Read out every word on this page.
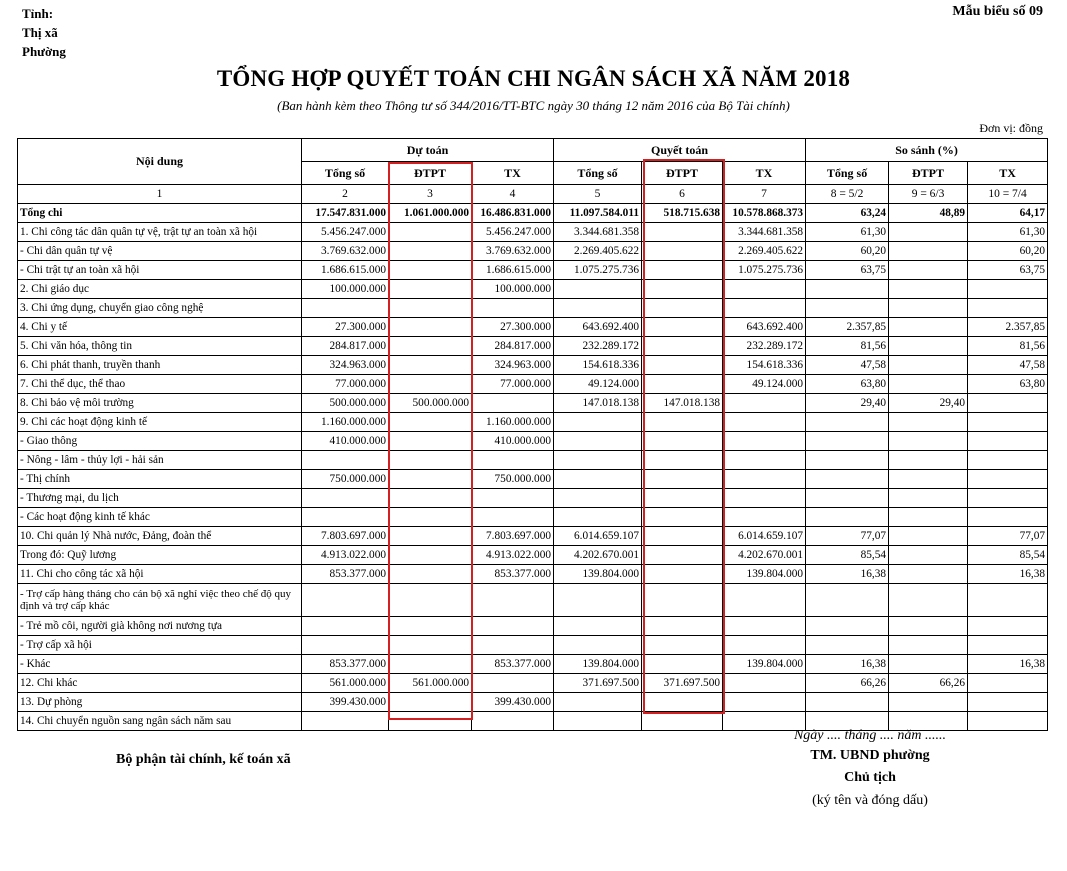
Tỉnh:
Thị xã
Phường
Mẫu biểu số 09
TỔNG HỢP QUYẾT TOÁN CHI NGÂN SÁCH XÃ NĂM 2018
(Ban hành kèm theo Thông tư số 344/2016/TT-BTC ngày 30 tháng 12 năm 2016 của Bộ Tài chính)
Đơn vị: đồng
Nội dung	Dự toán			Quyết toán			So sánh (%)		
	Tổng số	ĐTPT	TX	Tổng số	ĐTPT	TX	Tổng số	ĐTPT	TX
1	2	3	4	5	6	7	8 = 5/2	9 = 6/3	10 = 7/4
Tổng chi	17.547.831.000	1.061.000.000	16.486.831.000	11.097.584.011	518.715.638	10.578.868.373	63,24	48,89	64,17
1. Chi công tác dân quân tự vệ, trật tự an toàn xã hội	5.456.247.000		5.456.247.000	3.344.681.358		3.344.681.358	61,30		61,30
- Chi dân quân tự vệ	3.769.632.000		3.769.632.000	2.269.405.622		2.269.405.622	60,20		60,20
- Chi trật tự an toàn xã hội	1.686.615.000		1.686.615.000	1.075.275.736		1.075.275.736	63,75		63,75
2. Chi giáo dục	100.000.000		100.000.000						
3. Chi ứng dụng, chuyển giao công nghệ									
4. Chi y tế	27.300.000		27.300.000	643.692.400		643.692.400	2.357,85		2.357,85
5. Chi văn hóa, thông tin	284.817.000		284.817.000	232.289.172		232.289.172	81,56		81,56
6. Chi phát thanh, truyền thanh	324.963.000		324.963.000	154.618.336		154.618.336	47,58		47,58
7. Chi thể dục, thể thao	77.000.000		77.000.000	49.124.000		49.124.000	63,80		63,80
8. Chi bảo vệ môi trường	500.000.000	500.000.000		147.018.138	147.018.138		29,40	29,40	
9. Chi các hoạt động kinh tế	1.160.000.000		1.160.000.000						
- Giao thông	410.000.000		410.000.000						
- Nông - lâm - thủy lợi - hải sản									
- Thị chính	750.000.000		750.000.000						
- Thương mại, du lịch									
- Các hoạt động kinh tế khác									
10. Chi quản lý Nhà nước, Đảng, đoàn thể	7.803.697.000		7.803.697.000	6.014.659.107		6.014.659.107	77,07		77,07
Trong đó: Quỹ lương	4.913.022.000		4.913.022.000	4.202.670.001		4.202.670.001	85,54		85,54
11. Chi cho công tác xã hội	853.377.000		853.377.000	139.804.000		139.804.000	16,38		16,38
- Trợ cấp hàng tháng cho cán bộ xã nghỉ việc theo chế độ quy định và trợ cấp khác									
- Trẻ mồ côi, người già không nơi nương tựa									
- Trợ cấp xã hội									
- Khác	853.377.000		853.377.000	139.804.000		139.804.000	16,38		16,38
12. Chi khác	561.000.000	561.000.000		371.697.500	371.697.500		66,26	66,26	
13. Dự phòng	399.430.000		399.430.000						
14. Chi chuyển nguồn sang ngân sách năm sau									
Bộ phận tài chính, kế toán xã
Ngày .... tháng .... năm ......
TM. UBND phường
Chủ tịch
(ký tên và đóng dấu)
